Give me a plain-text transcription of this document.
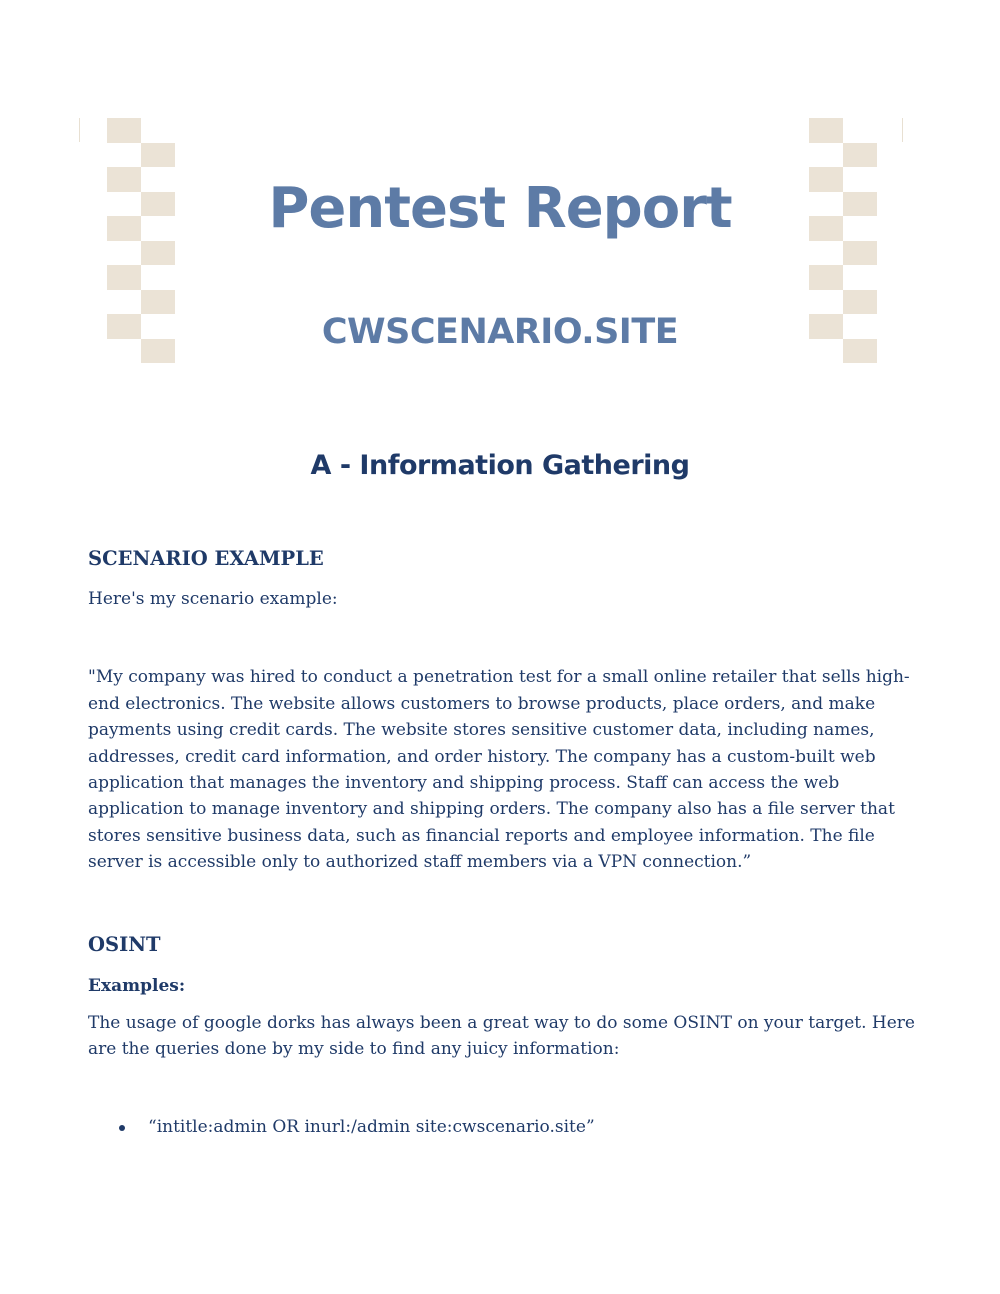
Pentest Report
CWSCENARIO.SITE
A - Information Gathering
SCENARIO EXAMPLE

Here's my scenario example:

"My company was hired to conduct a penetration test for a small online retailer that sells high-end electronics. The website allows customers to browse products, place orders, and make payments using credit cards. The website stores sensitive customer data, including names, addresses, credit card information, and order history. The company has a custom-built web application that manages the inventory and shipping process. Staff can access the web application to manage inventory and shipping orders. The company also has a file server that stores sensitive business data, such as financial reports and employee information. The file server is accessible only to authorized staff members via a VPN connection.”

OSINT

Examples:

The usage of google dorks has always been a great way to do some OSINT on your target. Here are the queries done by my side to find any juicy information:

“intitle:admin OR inurl:/admin site:cwscenario.site”
